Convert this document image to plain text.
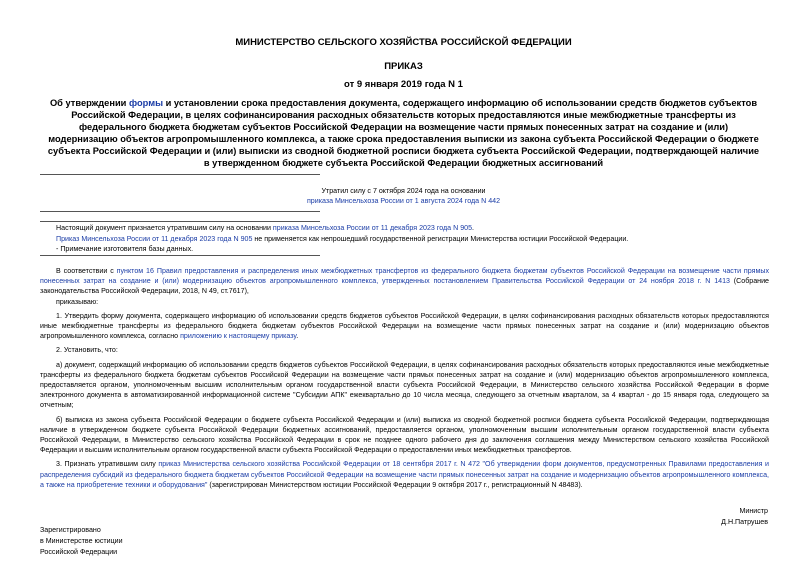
МИНИСТЕРСТВО СЕЛЬСКОГО ХОЗЯЙСТВА РОССИЙСКОЙ ФЕДЕРАЦИИ
ПРИКАЗ
от 9 января 2019 года N 1
Об утверждении формы и установлении срока предоставления документа, содержащего информацию об использовании средств бюджетов субъектов Российской Федерации, в целях софинансирования расходных обязательств которых предоставляются иные межбюджетные трансферты из федерального бюджета бюджетам субъектов Российской Федерации на возмещение части прямых понесенных затрат на создание и (или) модернизацию объектов агропромышленного комплекса, а также срока предоставления выписки из закона субъекта Российской Федерации о бюджете субъекта Российской Федерации и (или) выписки из сводной бюджетной росписи бюджета субъекта Российской Федерации, подтверждающей наличие в утвержденном бюджете субъекта Российской Федерации бюджетных ассигнований
Утратил силу с 7 октября 2024 года на основании
приказа Минсельхоза России от 1 августа 2024 года N 442
Настоящий документ признается утратившим силу на основании приказа Минсельхоза России от 11 декабря 2023 года N 905.
Приказ Минсельхоза России от 11 декабря 2023 года N 905 не применяется как непрошедший государственной регистрации Министерства юстиции Российской Федерации.
- Примечание изготовителя базы данных.

В соответствии с пунктом 16 Правил предоставления и распределения иных межбюджетных трансфертов из федерального бюджета бюджетам субъектов Российской Федерации на возмещение части прямых понесенных затрат на создание и (или) модернизацию объектов агропромышленного комплекса, утвержденных постановлением Правительства Российской Федерации от 24 ноября 2018 г. N 1413 (Собрание законодательства Российской Федерации, 2018, N 49, ст.7617),

приказываю:

1. Утвердить форму документа, содержащего информацию об использовании средств бюджетов субъектов Российской Федерации, в целях софинансирования расходных обязательств которых предоставляются иные межбюджетные трансферты из федерального бюджета бюджетам субъектов Российской Федерации на возмещение части прямых понесенных затрат на создание и (или) модернизацию объектов агропромышленного комплекса, согласно приложению к настоящему приказу.

2. Установить, что:

а) документ, содержащий информацию об использовании средств бюджетов субъектов Российской Федерации, в целях софинансирования расходных обязательств которых предоставляются иные межбюджетные трансферты из федерального бюджета бюджетам субъектов Российской Федерации на возмещение части прямых понесенных затрат на создание и (или) модернизацию объектов агропромышленного комплекса, предоставляется органом, уполномоченным высшим исполнительным органом государственной власти субъекта Российской Федерации, в Министерство сельского хозяйства Российской Федерации в форме электронного документа в автоматизированной информационной системе "Субсидии АПК" ежеквартально до 10 числа месяца, следующего за отчетным кварталом, за 4 квартал - до 15 января года, следующего за отчетным;

б) выписка из закона субъекта Российской Федерации о бюджете субъекта Российской Федерации и (или) выписка из сводной бюджетной росписи бюджета субъекта Российской Федерации, подтверждающая наличие в утвержденном бюджете субъекта Российской Федерации бюджетных ассигнований, предоставляется органом, уполномоченным высшим исполнительным органом государственной власти субъекта Российской Федерации, в Министерство сельского хозяйства Российской Федерации в срок не позднее одного рабочего дня до заключения соглашения между Министерством сельского хозяйства Российской Федерации и высшим исполнительным органом государственной власти субъекта Российской Федерации о предоставлении иных межбюджетных трансфертов.

3. Признать утратившим силу приказ Министерства сельского хозяйства Российской Федерации от 18 сентября 2017 г. N 472 "Об утверждении форм документов, предусмотренных Правилами предоставления и распределения субсидий из федерального бюджета бюджетам субъектов Российской Федерации на возмещение части прямых понесенных затрат на создание и модернизацию объектов агропромышленного комплекса, а также на приобретение техники и оборудования" (зарегистрирован Министерством юстиции Российской Федерации 9 октября 2017 г., регистрационный N 48483).

Министр
Д.Н.Патрушев
Зарегистрировано
в Министерстве юстиции
Российской Федерации
